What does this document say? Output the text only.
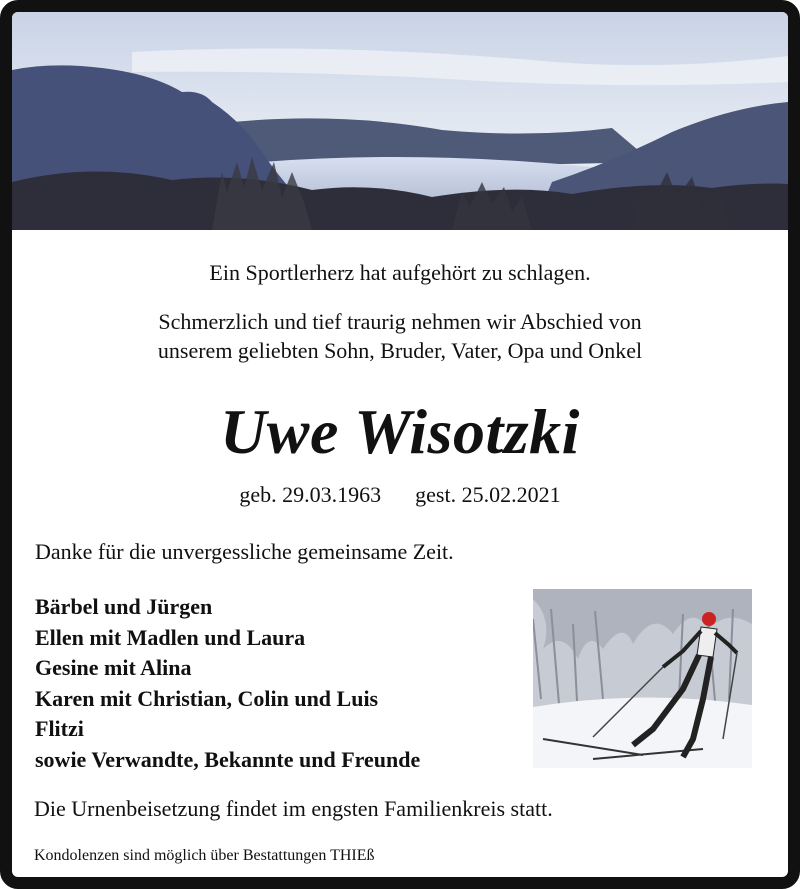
Ein Sportlerherz hat aufgehört zu schlagen.
Schmerzlich und tief traurig nehmen wir Abschied von
unserem geliebten Sohn, Bruder, Vater, Opa und Onkel
Uwe Wisotzki
geb. 29.03.1963 gest. 25.02.2021
Danke für die unvergessliche gemeinsame Zeit.
Bärbel und Jürgen
Ellen mit Madlen und Laura
Gesine mit Alina
Karen mit Christian, Colin und Luis
Flitzi
sowie Verwandte, Bekannte und Freunde
Die Urnenbeisetzung findet im engsten Familienkreis statt.
Kondolenzen sind möglich über Bestattungen THIEß
